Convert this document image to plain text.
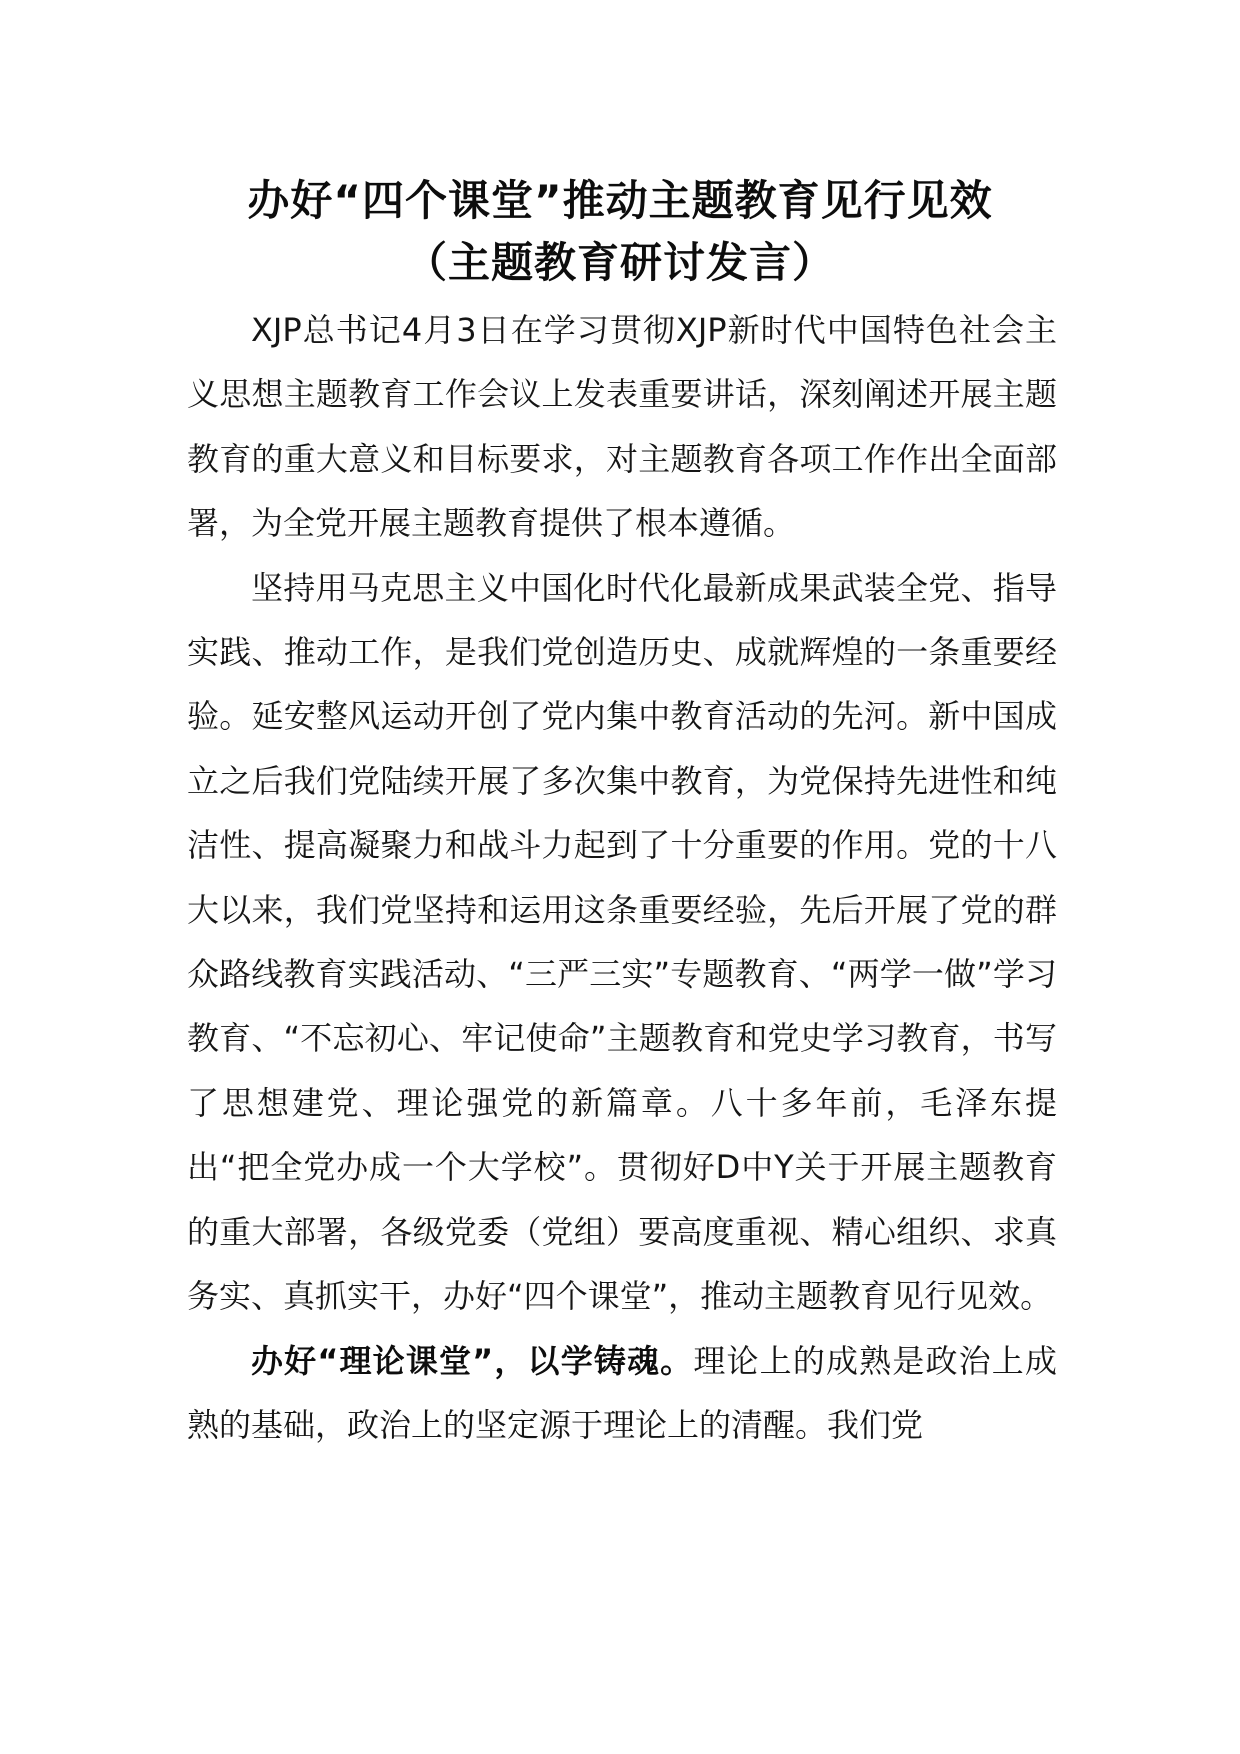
办好“四个课堂”推动主题教育见行见效
（主题教育研讨发言）

XJP总书记4月3日在学习贯彻XJP新时代中国特色社会主义思想主题教育工作会议上发表重要讲话，深刻阐述开展主题教育的重大意义和目标要求，对主题教育各项工作作出全面部署，为全党开展主题教育提供了根本遵循。

坚持用马克思主义中国化时代化最新成果武装全党、指导实践、推动工作，是我们党创造历史、成就辉煌的一条重要经验。延安整风运动开创了党内集中教育活动的先河。新中国成立之后我们党陆续开展了多次集中教育，为党保持先进性和纯洁性、提高凝聚力和战斗力起到了十分重要的作用。党的十八大以来，我们党坚持和运用这条重要经验，先后开展了党的群众路线教育实践活动、“三严三实”专题教育、“两学一做”学习教育、“不忘初心、牢记使命”主题教育和党史学习教育，书写了思想建党、理论强党的新篇章。八十多年前，毛泽东提出“把全党办成一个大学校”。贯彻好D中Y关于开展主题教育的重大部署，各级党委（党组）要高度重视、精心组织、求真务实、真抓实干，办好“四个课堂”，推动主题教育见行见效。

办好“理论课堂”，以学铸魂。理论上的成熟是政治上成熟的基础，政治上的坚定源于理论上的清醒。我们党
